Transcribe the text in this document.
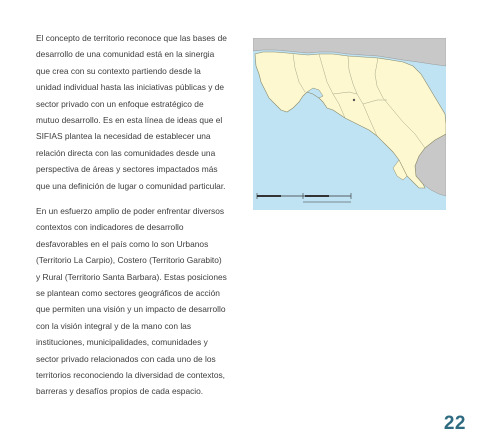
El concepto de territorio reconoce que las bases de
desarrollo de una comunidad está en la sinergia
que crea con su contexto partiendo desde la
unidad individual hasta las iniciativas públicas y de
sector privado con un enfoque estratégico de
mutuo desarrollo. Es en esta línea de ideas que el
SIFIAS plantea la necesidad de establecer una
relación directa con las comunidades desde una
perspectiva de áreas y sectores impactados más
que una definición de lugar o comunidad particular.

En un esfuerzo amplio de poder enfrentar diversos
contextos con indicadores de desarrollo
desfavorables en el país como lo son Urbanos
(Territorio La Carpio), Costero (Territorio Garabito)
y Rural (Territorio Santa Barbara). Estas posiciones
se plantean como sectores geográficos de acción
que permiten una visión y un impacto de desarrollo
con la visión integral y de la mano con las
instituciones, municipalidades, comunidades y
sector privado relacionados con cada uno de los
territorios reconociendo la diversidad de contextos,
barreras y desafíos propios de cada espacio.

22
